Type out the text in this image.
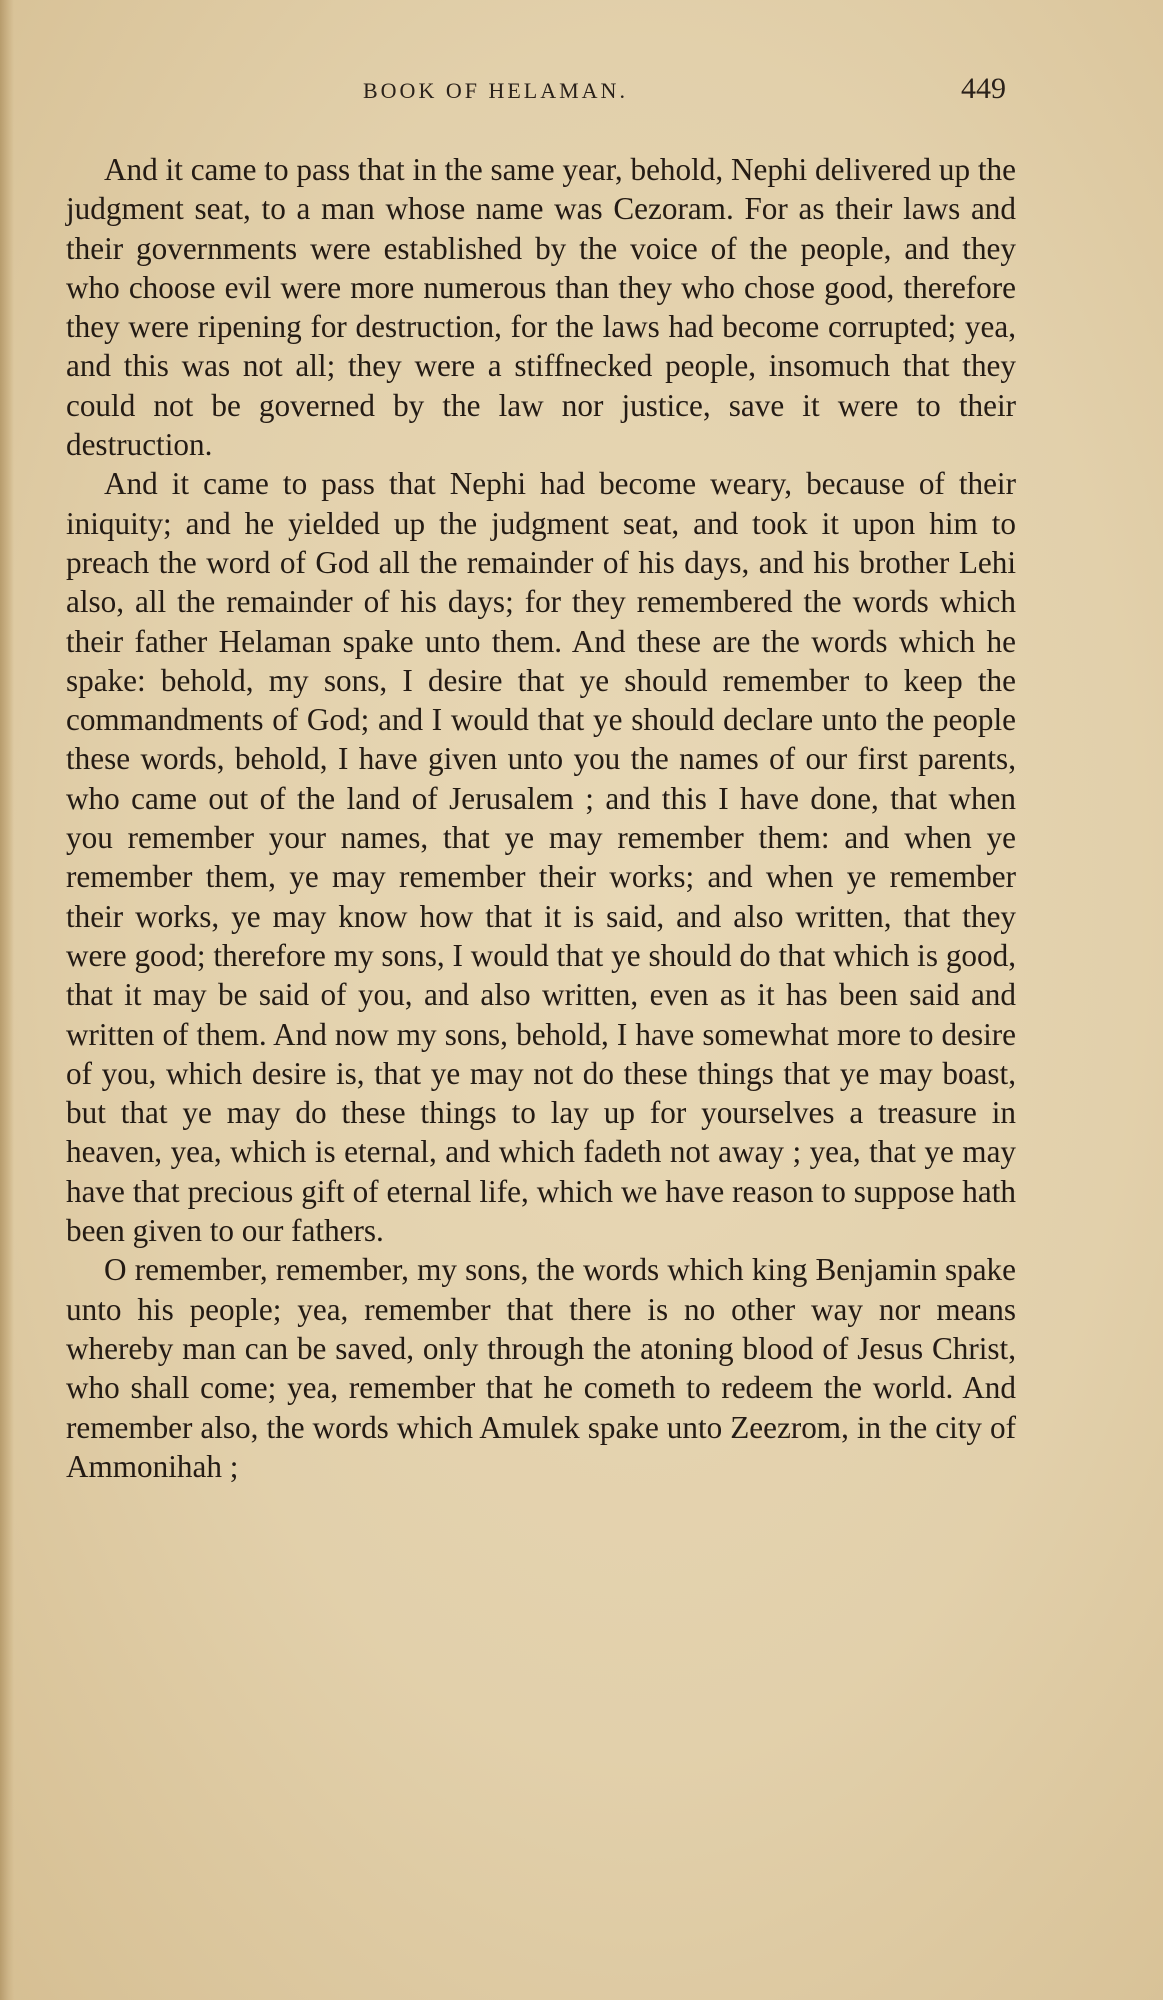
BOOK OF HELAMAN.	449

And it came to pass that in the same year, behold, Nephi delivered up the judgment seat, to a man whose name was Cezoram. For as their laws and their governments were established by the voice of the people, and they who choose evil were more numerous than they who chose good, therefore they were ripening for destruction, for the laws had become corrupted; yea, and this was not all; they were a stiffnecked people, insomuch that they could not be governed by the law nor justice, save it were to their destruction.

And it came to pass that Nephi had become weary, because of their iniquity; and he yielded up the judgment seat, and took it upon him to preach the word of God all the remainder of his days, and his brother Lehi also, all the remainder of his days; for they remembered the words which their father Helaman spake unto them. And these are the words which he spake: behold, my sons, I desire that ye should remember to keep the commandments of God; and I would that ye should declare unto the people these words, behold, I have given unto you the names of our first parents, who came out of the land of Jerusalem ; and this I have done, that when you remember your names, that ye may remember them: and when ye remember them, ye may remember their works; and when ye remember their works, ye may know how that it is said, and also written, that they were good; therefore my sons, I would that ye should do that which is good, that it may be said of you, and also written, even as it has been said and written of them. And now my sons, behold, I have somewhat more to desire of you, which desire is, that ye may not do these things that ye may boast, but that ye may do these things to lay up for yourselves a treasure in heaven, yea, which is eternal, and which fadeth not away ; yea, that ye may have that precious gift of eternal life, which we have reason to suppose hath been given to our fathers.

O remember, remember, my sons, the words which king Benjamin spake unto his people; yea, remember that there is no other way nor means whereby man can be saved, only through the atoning blood of Jesus Christ, who shall come; yea, remember that he cometh to redeem the world. And remember also, the words which Amulek spake unto Zeezrom, in the city of Ammonihah ;
